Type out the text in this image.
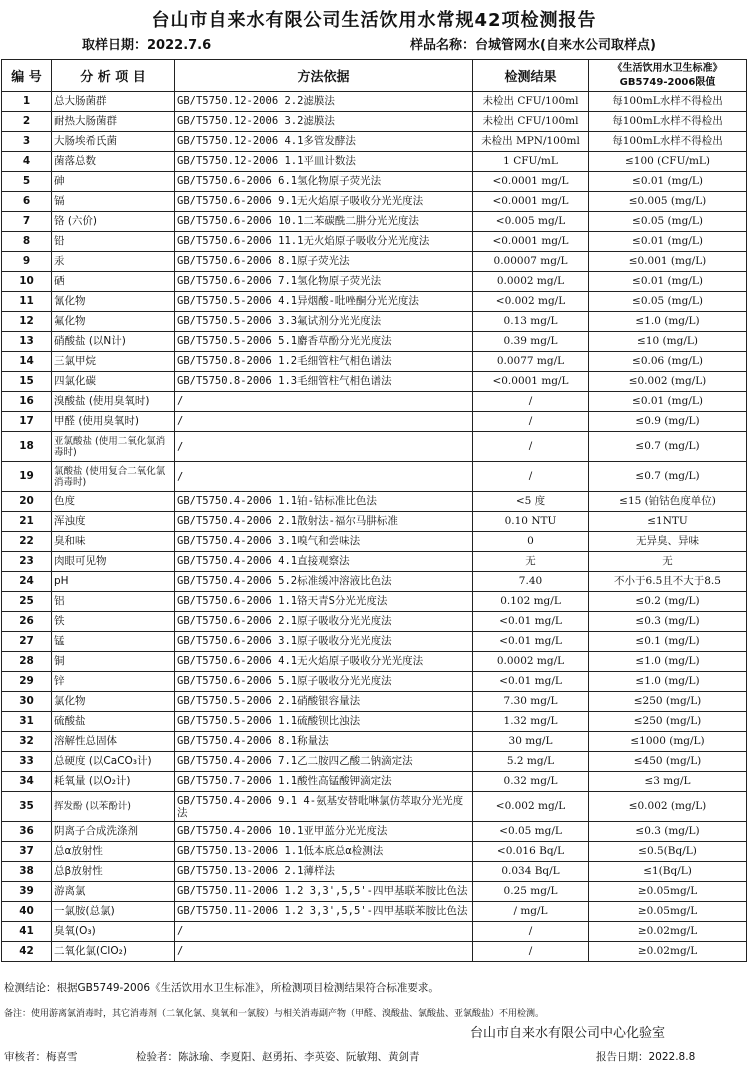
台山市自来水有限公司生活饮用水常规42项检测报告
取样日期：2022.7.6	样品名称：台城管网水(自来水公司取样点)
编 号	分 析 项 目	方法依据	检测结果	《生活饮用水卫生标准》
GB5749-2006限值
1	总大肠菌群	GB/T5750.12-2006 2.2滤膜法	未检出 CFU/100ml	每100mL水样不得检出
2	耐热大肠菌群	GB/T5750.12-2006 3.2滤膜法	未检出 CFU/100ml	每100mL水样不得检出
3	大肠埃希氏菌	GB/T5750.12-2006 4.1多管发酵法	未检出 MPN/100ml	每100mL水样不得检出
4	菌落总数	GB/T5750.12-2006 1.1平皿计数法	1 CFU/mL	≤100 (CFU/mL)
5	砷	GB/T5750.6-2006 6.1氢化物原子荧光法	<0.0001 mg/L	≤0.01 (mg/L)
6	镉	GB/T5750.6-2006 9.1无火焰原子吸收分光光度法	<0.0001 mg/L	≤0.005 (mg/L)
7	铬 (六价)	GB/T5750.6-2006 10.1二苯碳酰二肼分光光度法	<0.005 mg/L	≤0.05 (mg/L)
8	铅	GB/T5750.6-2006 11.1无火焰原子吸收分光光度法	<0.0001 mg/L	≤0.01 (mg/L)
9	汞	GB/T5750.6-2006 8.1原子荧光法	0.00007 mg/L	≤0.001 (mg/L)
10	硒	GB/T5750.6-2006 7.1氢化物原子荧光法	0.0002 mg/L	≤0.01 (mg/L)
11	氰化物	GB/T5750.5-2006 4.1异烟酸-吡唑酮分光光度法	<0.002 mg/L	≤0.05 (mg/L)
12	氟化物	GB/T5750.5-2006 3.3氟试剂分光光度法	0.13 mg/L	≤1.0 (mg/L)
13	硝酸盐 (以N计)	GB/T5750.5-2006 5.1麝香草酚分光光度法	0.39 mg/L	≤10 (mg/L)
14	三氯甲烷	GB/T5750.8-2006 1.2毛细管柱气相色谱法	0.0077 mg/L	≤0.06 (mg/L)
15	四氯化碳	GB/T5750.8-2006 1.3毛细管柱气相色谱法	<0.0001 mg/L	≤0.002 (mg/L)
16	溴酸盐 (使用臭氧时)	/	/	≤0.01 (mg/L)
17	甲醛 (使用臭氧时)	/	/	≤0.9 (mg/L)
18	亚氯酸盐 (使用二氧化氯消毒时)	/	/	≤0.7 (mg/L)
19	氯酸盐 (使用复合二氧化氯消毒时)	/	/	≤0.7 (mg/L)
20	色度	GB/T5750.4-2006 1.1铂-钴标准比色法	<5 度	≤15 (铂钴色度单位)
21	浑浊度	GB/T5750.4-2006 2.1散射法-福尔马肼标准	0.10 NTU	≤1NTU
22	臭和味	GB/T5750.4-2006 3.1嗅气和尝味法	0	无异臭、异味
23	肉眼可见物	GB/T5750.4-2006 4.1直接观察法	无	无
24	pH	GB/T5750.4-2006 5.2标准缓冲溶液比色法	7.40	不小于6.5且不大于8.5
25	铝	GB/T5750.6-2006 1.1铬天青S分光光度法	0.102 mg/L	≤0.2 (mg/L)
26	铁	GB/T5750.6-2006 2.1原子吸收分光光度法	<0.01 mg/L	≤0.3 (mg/L)
27	锰	GB/T5750.6-2006 3.1原子吸收分光光度法	<0.01 mg/L	≤0.1 (mg/L)
28	铜	GB/T5750.6-2006 4.1无火焰原子吸收分光光度法	0.0002 mg/L	≤1.0 (mg/L)
29	锌	GB/T5750.6-2006 5.1原子吸收分光光度法	<0.01 mg/L	≤1.0 (mg/L)
30	氯化物	GB/T5750.5-2006 2.1硝酸银容量法	7.30 mg/L	≤250 (mg/L)
31	硫酸盐	GB/T5750.5-2006 1.1硫酸钡比浊法	1.32 mg/L	≤250 (mg/L)
32	溶解性总固体	GB/T5750.4-2006 8.1称量法	30 mg/L	≤1000 (mg/L)
33	总硬度 (以CaCO₃计)	GB/T5750.4-2006 7.1乙二胺四乙酸二钠滴定法	5.2 mg/L	≤450 (mg/L)
34	耗氧量 (以O₂计)	GB/T5750.7-2006 1.1酸性高锰酸钾滴定法	0.32 mg/L	≤3 mg/L
35	挥发酚 (以苯酚计)	GB/T5750.4-2006 9.1 4-氨基安替吡啉氯仿萃取分光光度法	<0.002 mg/L	≤0.002 (mg/L)
36	阴离子合成洗涤剂	GB/T5750.4-2006 10.1亚甲蓝分光光度法	<0.05 mg/L	≤0.3 (mg/L)
37	总α放射性	GB/T5750.13-2006 1.1低本底总α检测法	<0.016 Bq/L	≤0.5(Bq/L)
38	总β放射性	GB/T5750.13-2006 2.1薄样法	0.034 Bq/L	≤1(Bq/L)
39	游离氯	GB/T5750.11-2006 1.2 3,3',5,5'-四甲基联苯胺比色法	0.25 mg/L	≥0.05mg/L
40	一氯胺(总氯)	GB/T5750.11-2006 1.2 3,3',5,5'-四甲基联苯胺比色法	/ mg/L	≥0.05mg/L
41	臭氧(O₃)	/	/	≥0.02mg/L
42	二氧化氯(ClO₂)	/	/	≥0.02mg/L
检测结论：根据GB5749-2006《生活饮用水卫生标准》，所检测项目检测结果符合标准要求。
备注：使用游离氯消毒时，其它消毒剂（二氧化氯、臭氧和一氯胺）与相关消毒副产物（甲醛、溴酸盐、氯酸盐、亚氯酸盐）不用检测。
台山市自来水有限公司中心化验室
审核者：梅喜雪	检验者：陈詠瑜、李夏阳、赵勇拓、李英姿、阮敏翔、黄剑青	报告日期：2022.8.8
